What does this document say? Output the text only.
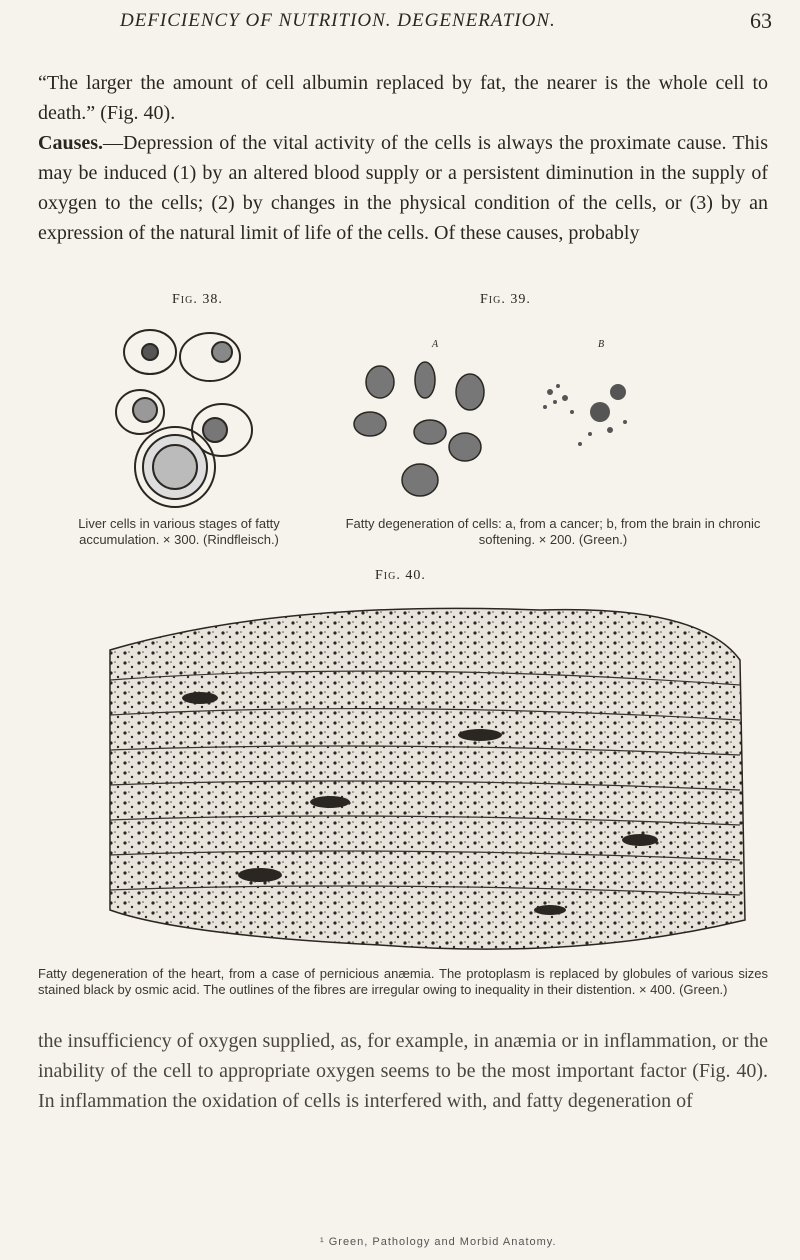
DEFICIENCY OF NUTRITION. DEGENERATION.	63
“The larger the amount of cell albumin replaced by fat, the nearer is the whole cell to death.” (Fig. 40).
Causes.—Depression of the vital activity of the cells is always the proximate cause. This may be induced (1) by an altered blood supply or a persistent diminution in the supply of oxygen to the cells; (2) by changes in the physical condition of the cells, or (3) by an expression of the natural limit of life of the cells. Of these causes, probably
Fig. 38.
Liver cells in various stages of fatty accumulation. × 300. (Rindfleisch.)
Fig. 39.
a	b
Fatty degeneration of cells: a, from a cancer; b, from the brain in chronic softening. × 200. (Green.)
Fig. 40.
Fatty degeneration of the heart, from a case of pernicious anæmia. The protoplasm is replaced by globules of various sizes stained black by osmic acid. The outlines of the fibres are irregular owing to inequality in their distention. × 400. (Green.)
the insufficiency of oxygen supplied, as, for example, in anæmia or in inflammation, or the inability of the cell to appropriate oxygen seems to be the most important factor (Fig. 40). In inflammation the oxidation of cells is interfered with, and fatty degeneration of
¹ Green, Pathology and Morbid Anatomy.
